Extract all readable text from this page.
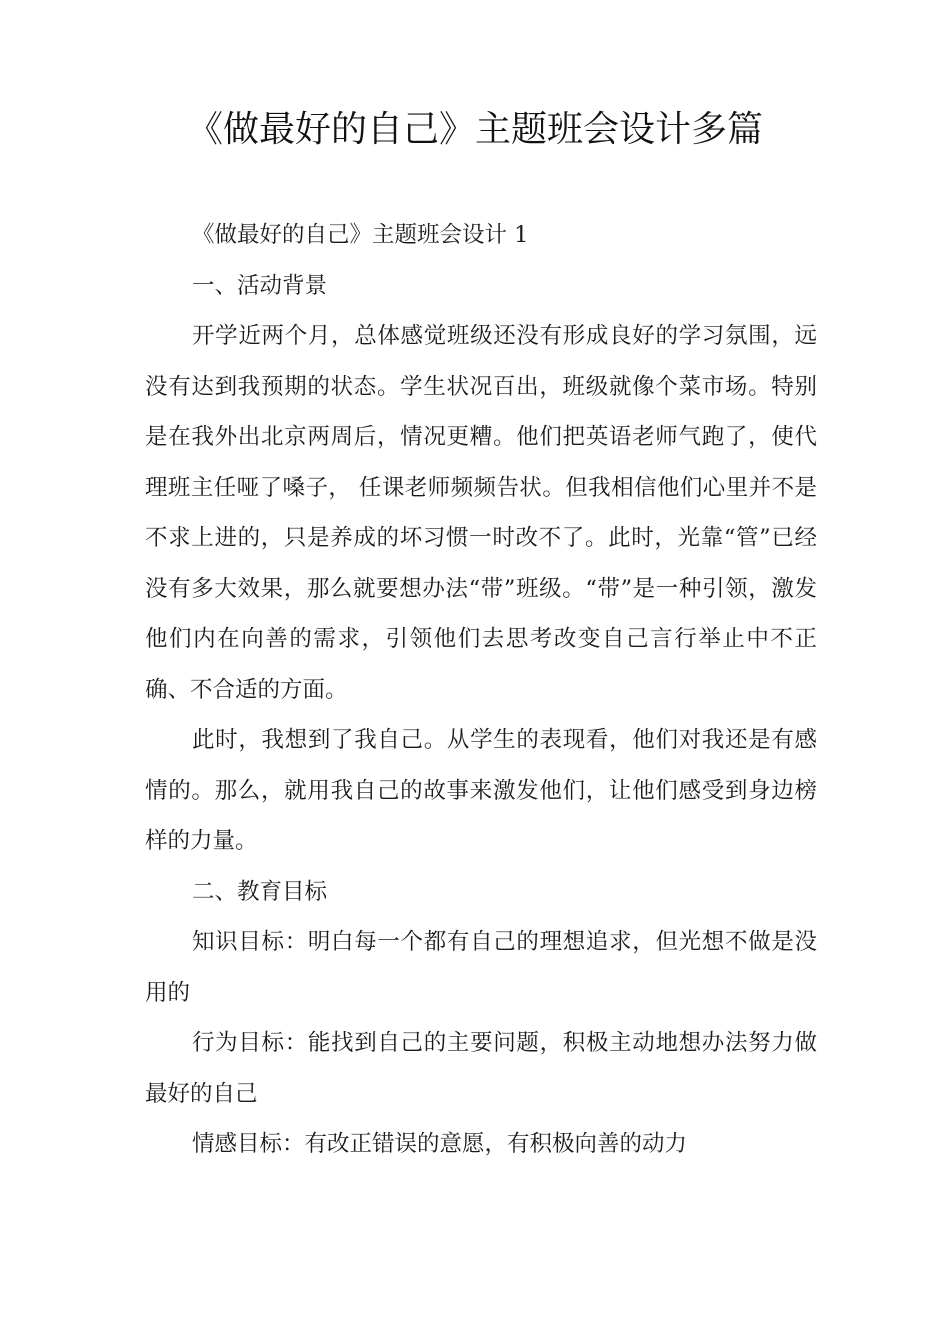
《做最好的自己》主题班会设计多篇

《做最好的自己》主题班会设计 1

一、活动背景

开学近两个月，总体感觉班级还没有形成良好的学习氛围，远没有达到我预期的状态。学生状况百出，班级就像个菜市场。特别是在我外出北京两周后，情况更糟。他们把英语老师气跑了，使代理班主任哑了嗓子， 任课老师频频告状。但我相信他们心里并不是不求上进的，只是养成的坏习惯一时改不了。此时，光靠“管”已经没有多大效果，那么就要想办法“带”班级。“带”是一种引领，激发他们内在向善的需求，引领他们去思考改变自己言行举止中不正确、不合适的方面。

此时，我想到了我自己。从学生的表现看，他们对我还是有感情的。那么，就用我自己的故事来激发他们，让他们感受到身边榜样的力量。

二、教育目标

知识目标：明白每一个都有自己的理想追求，但光想不做是没用的

行为目标：能找到自己的主要问题，积极主动地想办法努力做最好的自己

情感目标：有改正错误的意愿，有积极向善的动力
